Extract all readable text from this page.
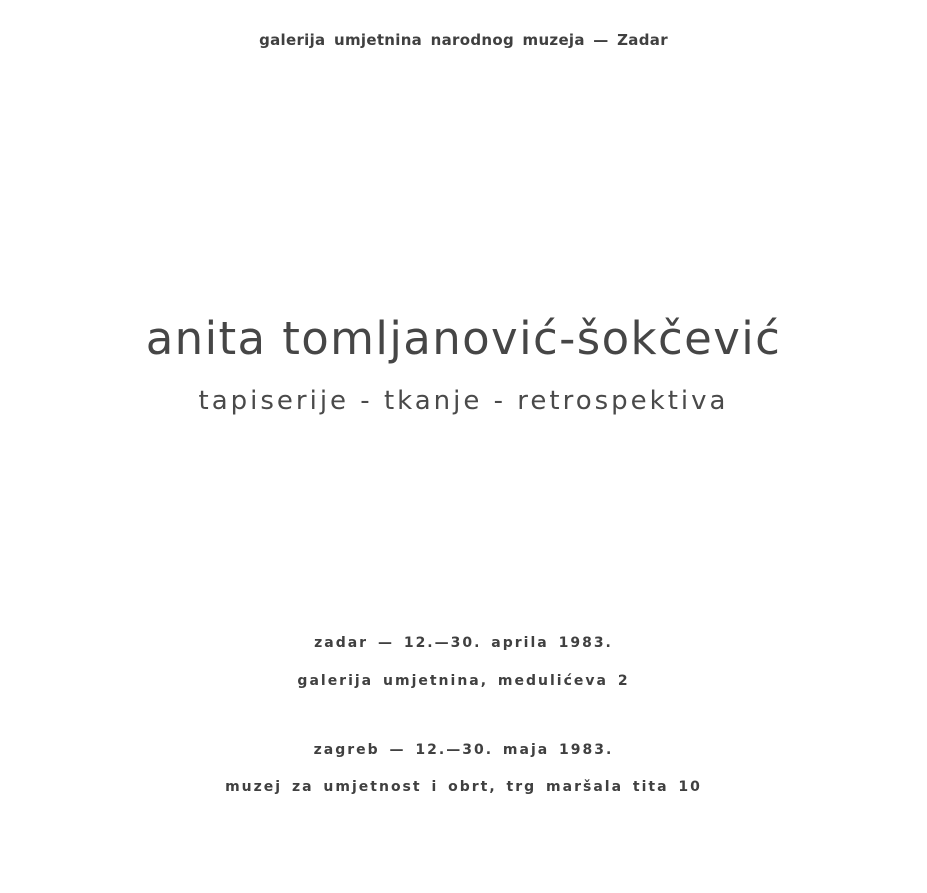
galerija umjetnina narodnog muzeja — Zadar
anita tomljanović-šokčević
tapiserije - tkanje - retrospektiva
zadar — 12.—30. aprila 1983.
galerija umjetnina, medulićeva 2
zagreb — 12.—30. maja 1983.
muzej za umjetnost i obrt, trg maršala tita 10
